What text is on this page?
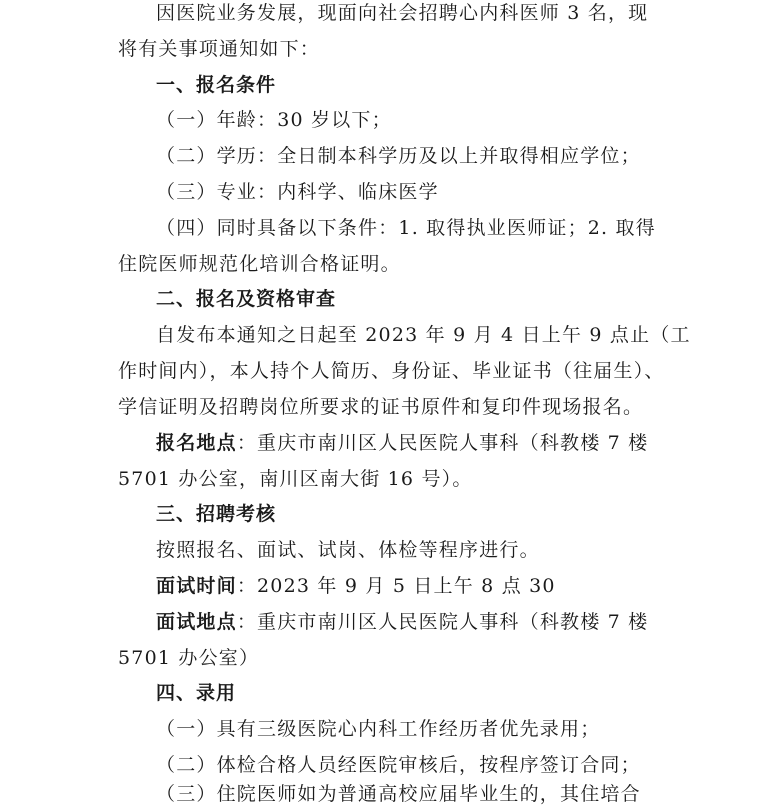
因医院业务发展，现面向社会招聘心内科医师 3 名，现
将有关事项通知如下：
一、报名条件
（一）年龄：30 岁以下；
（二）学历：全日制本科学历及以上并取得相应学位；
（三）专业：内科学、临床医学
（四）同时具备以下条件：1. 取得执业医师证；2. 取得
住院医师规范化培训合格证明。
二、报名及资格审查
自发布本通知之日起至 2023 年 9 月 4 日上午 9 点止（工
作时间内），本人持个人简历、身份证、毕业证书（往届生）、
学信证明及招聘岗位所要求的证书原件和复印件现场报名。
报名地点：重庆市南川区人民医院人事科（科教楼 7 楼
5701 办公室，南川区南大街 16 号）。
三、招聘考核
按照报名、面试、试岗、体检等程序进行。
面试时间：2023 年 9 月 5 日上午 8 点 30
面试地点：重庆市南川区人民医院人事科（科教楼 7 楼
5701 办公室）
四、录用
（一）具有三级医院心内科工作经历者优先录用；
（二）体检合格人员经医院审核后，按程序签订合同；
（三）住院医师如为普通高校应届毕业生的，其住培合
